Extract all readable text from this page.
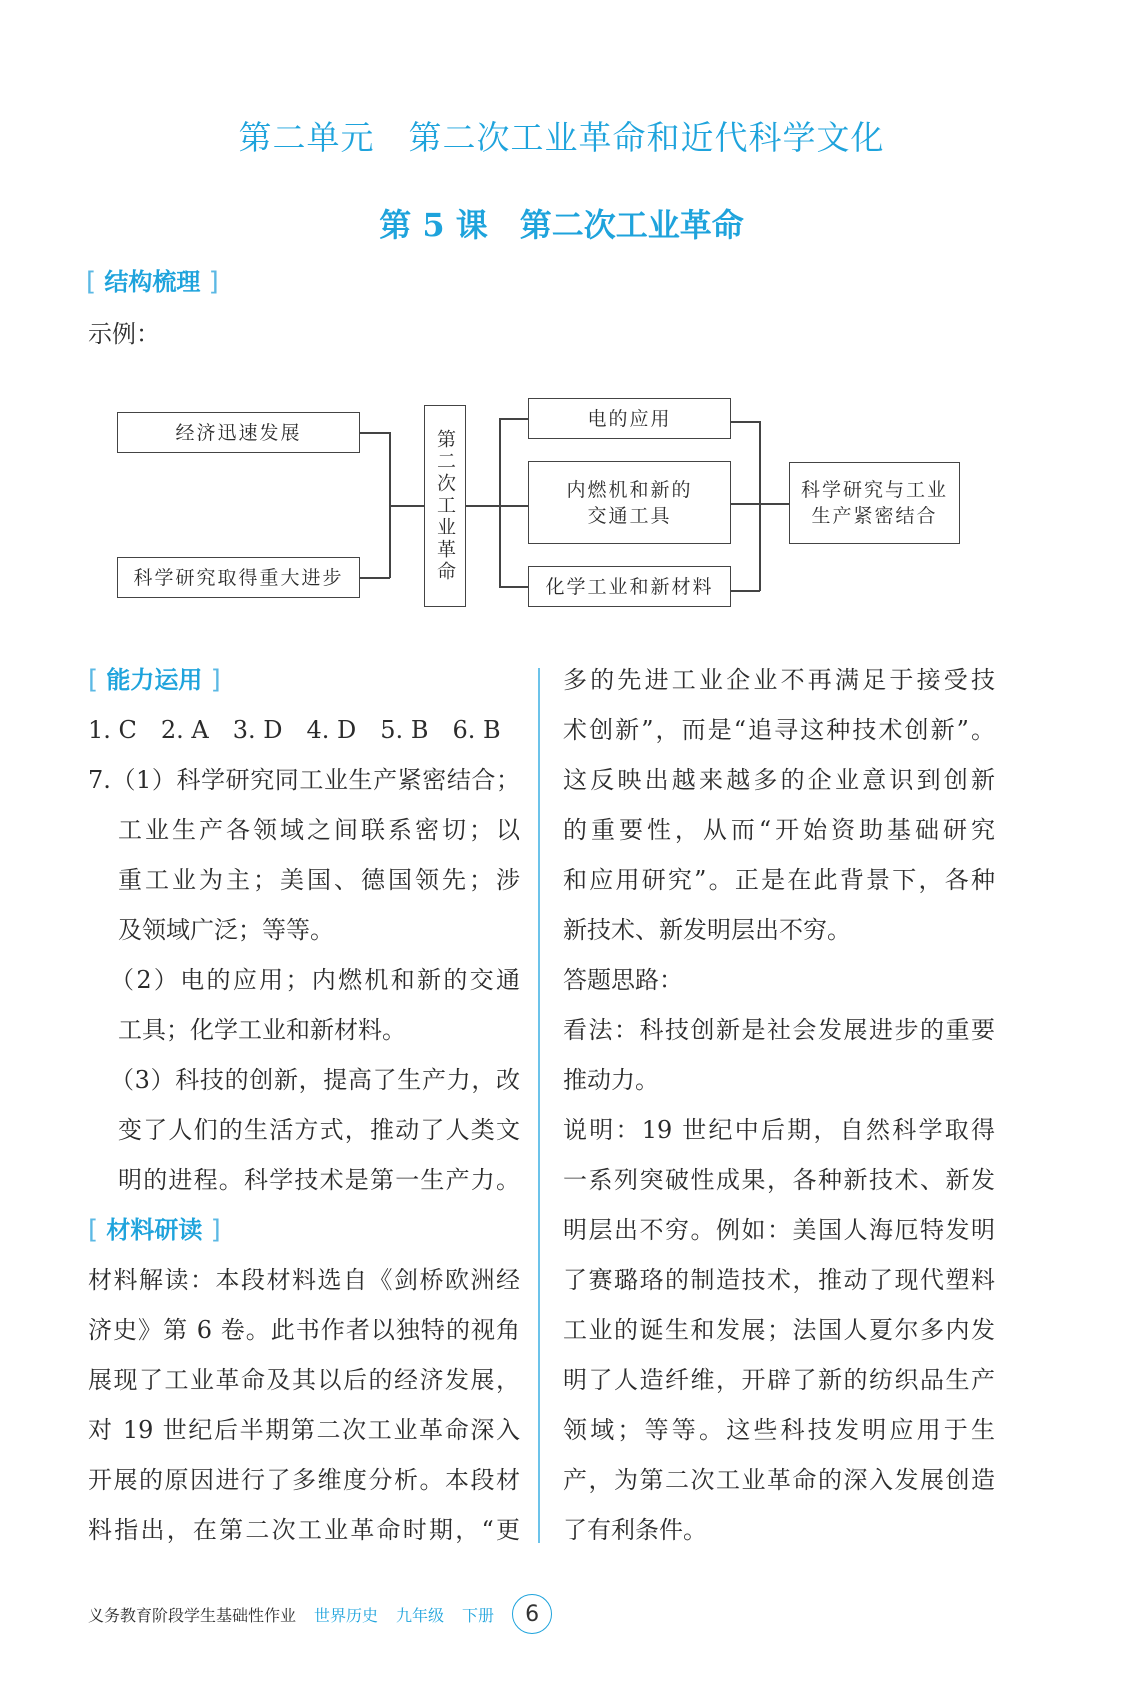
第二单元　第二次工业革命和近代科学文化
第 5 课　第二次工业革命
[ 结构梳理 ]
示例：
经济迅速发展
科学研究取得重大进步	第二次工业革命
电的应用
内燃机和新的
交通工具
化学工业和新材料
科学研究与工业
生产紧密结合
[ 能力运用 ]
1. C　2. A　3. D　4. D　5. B　6. B
7.（1）科学研究同工业生产紧密结合；
工业生产各领域之间联系密切；以
重工业为主；美国、德国领先；涉
及领域广泛；等等。
（2）电的应用；内燃机和新的交通
工具；化学工业和新材料。
（3）科技的创新，提高了生产力，改
变了人们的生活方式，推动了人类文
明的进程。科学技术是第一生产力。
[ 材料研读 ]
材料解读：本段材料选自《剑桥欧洲经
济史》第 6 卷。此书作者以独特的视角
展现了工业革命及其以后的经济发展，
对 19 世纪后半期第二次工业革命深入
开展的原因进行了多维度分析。本段材
料指出，在第二次工业革命时期，“更
多的先进工业企业不再满足于接受技
术创新”，而是“追寻这种技术创新”。
这反映出越来越多的企业意识到创新
的重要性，从而“开始资助基础研究
和应用研究”。正是在此背景下，各种
新技术、新发明层出不穷。
答题思路：
看法：科技创新是社会发展进步的重要
推动力。
说明：19 世纪中后期，自然科学取得
一系列突破性成果，各种新技术、新发
明层出不穷。例如：美国人海厄特发明
了赛璐珞的制造技术，推动了现代塑料
工业的诞生和发展；法国人夏尔多内发
明了人造纤维，开辟了新的纺织品生产
领域；等等。这些科技发明应用于生
产，为第二次工业革命的深入发展创造
了有利条件。
义务教育阶段学生基础性作业 世界历史 九年级 下册	6
